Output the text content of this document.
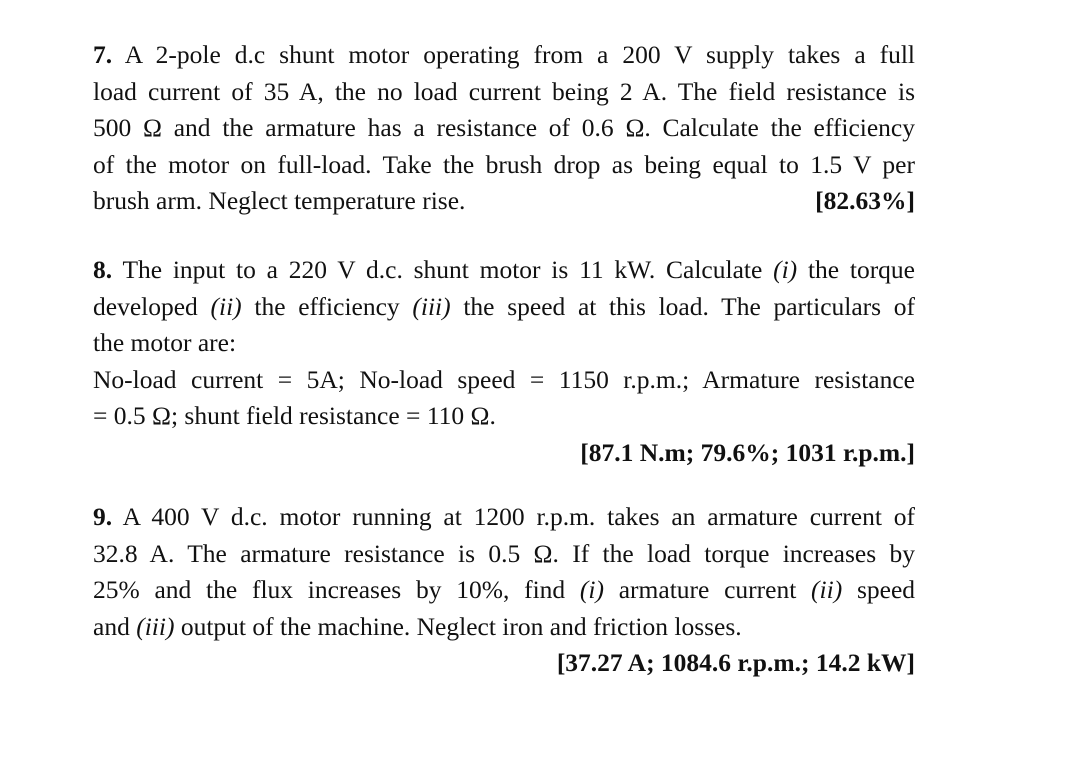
7. A 2-pole d.c shunt motor operating from a 200 V supply takes a full
load current of 35 A, the no load current being 2 A. The field resistance is
500 Ω and the armature has a resistance of 0.6 Ω. Calculate the efficiency
of the motor on full-load. Take the brush drop as being equal to 1.5 V per
brush arm. Neglect temperature rise.	[82.63%]
8. The input to a 220 V d.c. shunt motor is 11 kW. Calculate (i) the torque
developed (ii) the efficiency (iii) the speed at this load. The particulars of
the motor are:
No-load current = 5A; No-load speed = 1150 r.p.m.; Armature resistance
= 0.5 Ω; shunt field resistance = 110 Ω.
[87.1 N.m; 79.6%; 1031 r.p.m.]
9. A 400 V d.c. motor running at 1200 r.p.m. takes an armature current of
32.8 A. The armature resistance is 0.5 Ω. If the load torque increases by
25% and the flux increases by 10%, find (i) armature current (ii) speed
and (iii) output of the machine. Neglect iron and friction losses.
[37.27 A; 1084.6 r.p.m.; 14.2 kW]
